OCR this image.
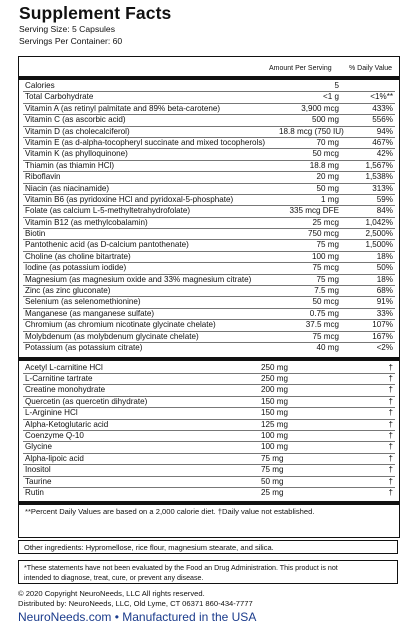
Supplement Facts
Serving Size: 5 Capsules
Servings Per Container: 60
Amount Per Serving % Daily Value
Calories	5
Total Carbohydrate	<1 g	<1%**
Vitamin A (as retinyl palmitate and 89% beta-carotene)	3,900 mcg	433%
Vitamin C (as ascorbic acid)	500 mg	556%
Vitamin D (as cholecalciferol)	18.8 mcg (750 IU)	94%
Vitamin E (as d-alpha-tocopheryl succinate and mixed tocopherols)	70 mg	467%
Vitamin K (as phylloquinone)	50 mcg	42%
Thiamin (as thiamin HCl)	18.8 mg	1,567%
Riboflavin	20 mg	1,538%
Niacin (as niacinamide)	50 mg	313%
Vitamin B6 (as pyridoxine HCl and pyridoxal-5-phosphate)	1 mg	59%
Folate (as calcium L-5-methyltetrahydrofolate)	335 mcg DFE	84%
Vitamin B12 (as methylcobalamin)	25 mcg	1,042%
Biotin	750 mcg	2,500%
Pantothenic acid (as D-calcium pantothenate)	75 mg	1,500%
Choline (as choline bitartrate)	100 mg	18%
Iodine (as potassium iodide)	75 mcg	50%
Magnesium (as magnesium oxide and 33% magnesium citrate)	75 mg	18%
Zinc (as zinc gluconate)	7.5 mg	68%
Selenium (as selenomethionine)	50 mcg	91%
Manganese (as manganese sulfate)	0.75 mg	33%
Chromium (as chromium nicotinate glycinate chelate)	37.5 mcg	107%
Molybdenum (as molybdenum glycinate chelate)	75 mcg	167%
Potassium (as potassium citrate)	40 mg	<2%
Acetyl L-carnitine HCl	250 mg	†
L-Carnitine tartrate	250 mg	†
Creatine monohydrate	200 mg	†
Quercetin (as quercetin dihydrate)	150 mg	†
L-Arginine HCl	150 mg	†
Alpha-Ketoglutaric acid	125 mg	†
Coenzyme Q-10	100 mg	†
Glycine	100 mg	†
Alpha-lipoic acid	75 mg	†
Inositol	75 mg	†
Taurine	50 mg	†
Rutin	25 mg	†
**Percent Daily Values are based on a 2,000 calorie diet. †Daily value not established.
Other ingredients: Hypromellose, rice flour, magnesium stearate, and silica.
*These statements have not been evaluated by the Food an Drug Administration. This product is not
intended to diagnose, treat, cure, or prevent any disease.
© 2020 Copyright NeuroNeeds, LLC All rights reserved.
Distributed by: NeuroNeeds, LLC, Old Lyme, CT 06371 860-434-7777
NeuroNeeds.com • Manufactured in the USA
